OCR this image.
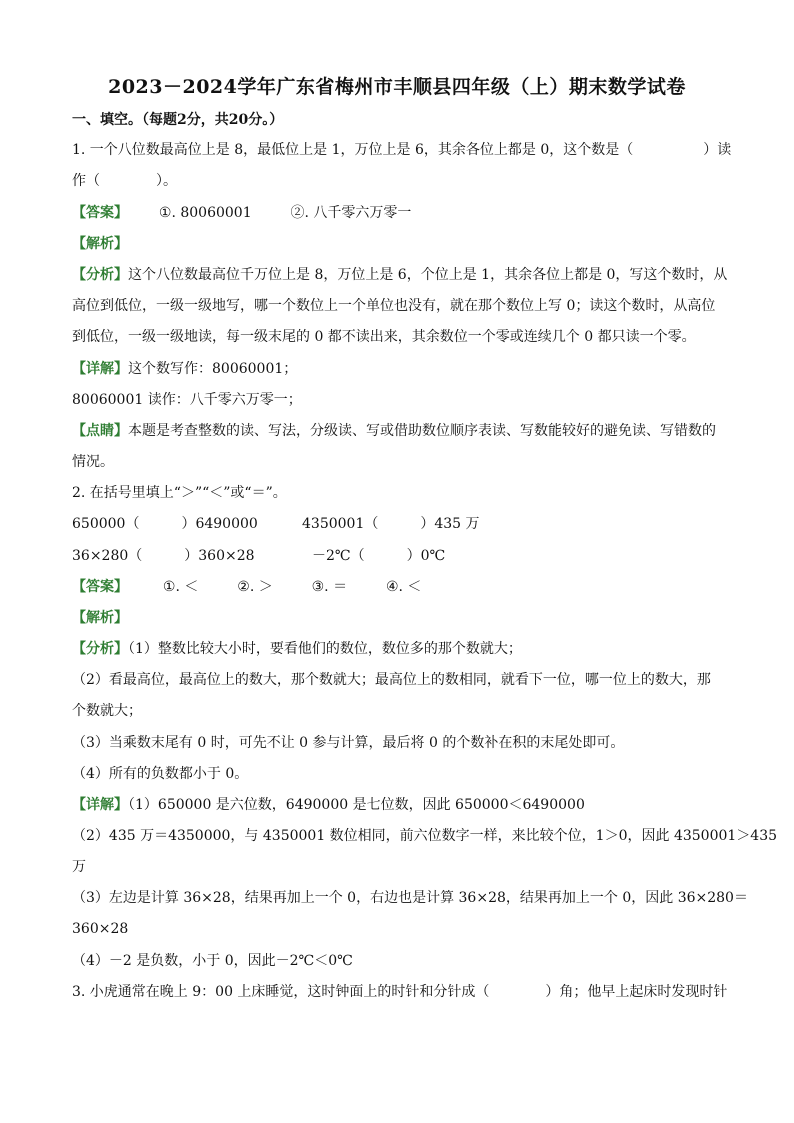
2023－2024学年广东省梅州市丰顺县四年级（上）期末数学试卷
一、填空。（每题2分，共20分。）
1. 一个八位数最高位上是 8，最低位上是 1，万位上是 6，其余各位上都是 0，这个数是（　　　　　）读
作（　　　　）。
【答案】 ①. 80060001	②. 八千零六万零一
【解析】
【分析】这个八位数最高位千万位上是 8，万位上是 6，个位上是 1，其余各位上都是 0，写这个数时，从
高位到低位，一级一级地写，哪一个数位上一个单位也没有，就在那个数位上写 0；读这个数时，从高位
到低位，一级一级地读，每一级末尾的 0 都不读出来，其余数位一个零或连续几个 0 都只读一个零。
【详解】这个数写作：80060001；
80060001 读作：八千零六万零一；
【点睛】本题是考查整数的读、写法，分级读、写或借助数位顺序表读、写数能较好的避免读、写错数的
情况。
2. 在括号里填上“＞”“＜”或“＝”。
650000（　　　）6490000	4350001（　　　）435 万
36×280（　　　）360×28	－2℃（　　　）0℃
【答案】 ①. ＜	②. ＞	③. ＝	④. ＜
【解析】
【分析】（1）整数比较大小时，要看他们的数位，数位多的那个数就大；
（2）看最高位，最高位上的数大，那个数就大；最高位上的数相同，就看下一位，哪一位上的数大，那
个数就大；
（3）当乘数末尾有 0 时，可先不让 0 参与计算，最后将 0 的个数补在积的末尾处即可。
（4）所有的负数都小于 0。
【详解】（1）650000 是六位数，6490000 是七位数，因此 650000＜6490000
（2）435 万＝4350000，与 4350001 数位相同，前六位数字一样，来比较个位，1＞0，因此 4350001＞435
万
（3）左边是计算 36×28，结果再加上一个 0，右边也是计算 36×28，结果再加上一个 0，因此 36×280＝
360×28
（4）－2 是负数，小于 0，因此－2℃＜0℃
3. 小虎通常在晚上 9：00 上床睡觉，这时钟面上的时针和分针成（　　　　）角；他早上起床时发现时针
